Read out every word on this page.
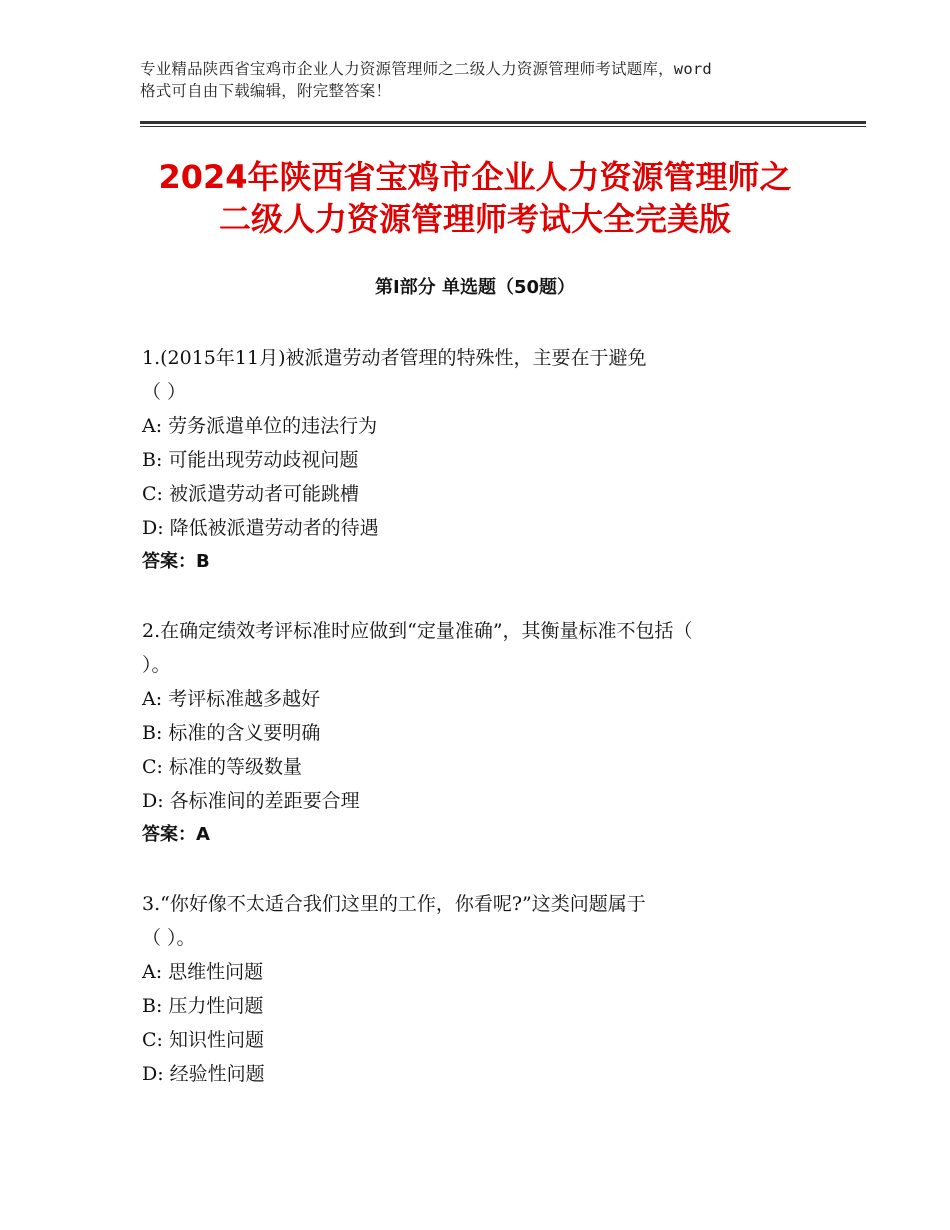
专业精品陕西省宝鸡市企业人力资源管理师之二级人力资源管理师考试题库，word
格式可自由下载编辑，附完整答案！
2024年陕西省宝鸡市企业人力资源管理师之
二级人力资源管理师考试大全完美版
第Ⅰ部分 单选题（50题）
1.(2015年11月)被派遣劳动者管理的特殊性，主要在于避免
（ ）
A: 劳务派遣单位的违法行为
B: 可能出现劳动歧视问题
C: 被派遣劳动者可能跳槽
D: 降低被派遣劳动者的待遇
答案：B
2.在确定绩效考评标准时应做到“定量准确”，其衡量标准不包括（
）。
A: 考评标准越多越好
B: 标准的含义要明确
C: 标准的等级数量
D: 各标准间的差距要合理
答案：A
3.“你好像不太适合我们这里的工作，你看呢?”这类问题属于
（ ）。
A: 思维性问题
B: 压力性问题
C: 知识性问题
D: 经验性问题
